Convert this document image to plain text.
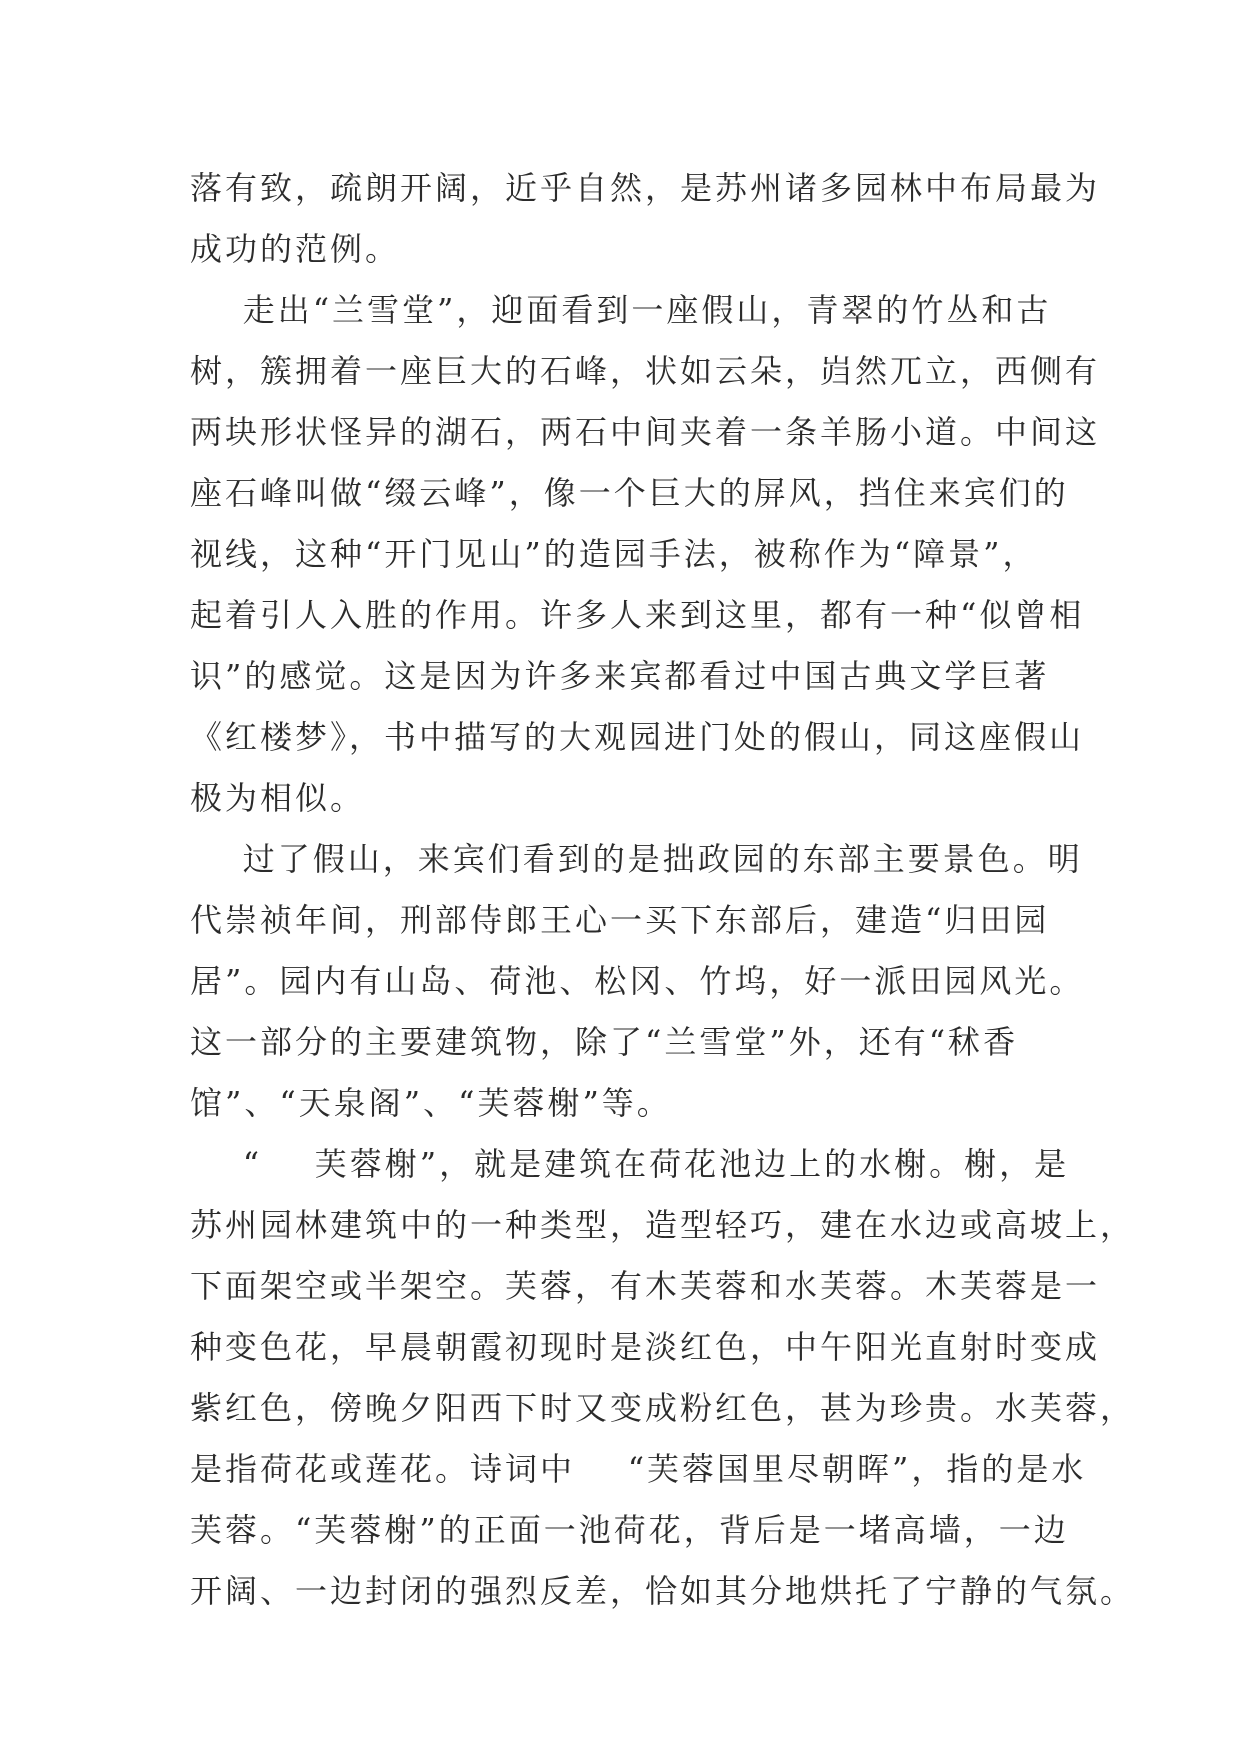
落有致，疏朗开阔，近乎自然，是苏州诸多园林中布局最为
成功的范例。
走出“兰雪堂”，迎面看到一座假山，青翠的竹丛和古
树，簇拥着一座巨大的石峰，状如云朵，岿然兀立，西侧有
两块形状怪异的湖石，两石中间夹着一条羊肠小道。中间这
座石峰叫做“缀云峰”，像一个巨大的屏风，挡住来宾们的
视线，这种“开门见山”的造园手法，被称作为“障景”，
起着引人入胜的作用。许多人来到这里，都有一种“似曾相
识”的感觉。这是因为许多来宾都看过中国古典文学巨著
《红楼梦》，书中描写的大观园进门处的假山，同这座假山
极为相似。
过了假山，来宾们看到的是拙政园的东部主要景色。明
代崇祯年间，刑部侍郎王心一买下东部后，建造“归田园
居”。园内有山岛、荷池、松冈、竹坞，好一派田园风光。
这一部分的主要建筑物，除了“兰雪堂”外，还有“秫香
馆”、“天泉阁”、“芙蓉榭”等。
“    芙蓉榭”，就是建筑在荷花池边上的水榭。榭，是
苏州园林建筑中的一种类型，造型轻巧，建在水边或高坡上，
下面架空或半架空。芙蓉，有木芙蓉和水芙蓉。木芙蓉是一
种变色花，早晨朝霞初现时是淡红色，中午阳光直射时变成
紫红色，傍晚夕阳西下时又变成粉红色，甚为珍贵。水芙蓉，
是指荷花或莲花。诗词中    “芙蓉国里尽朝晖”，指的是水
芙蓉。“芙蓉榭”的正面一池荷花，背后是一堵高墙，一边
开阔、一边封闭的强烈反差，恰如其分地烘托了宁静的气氛。
